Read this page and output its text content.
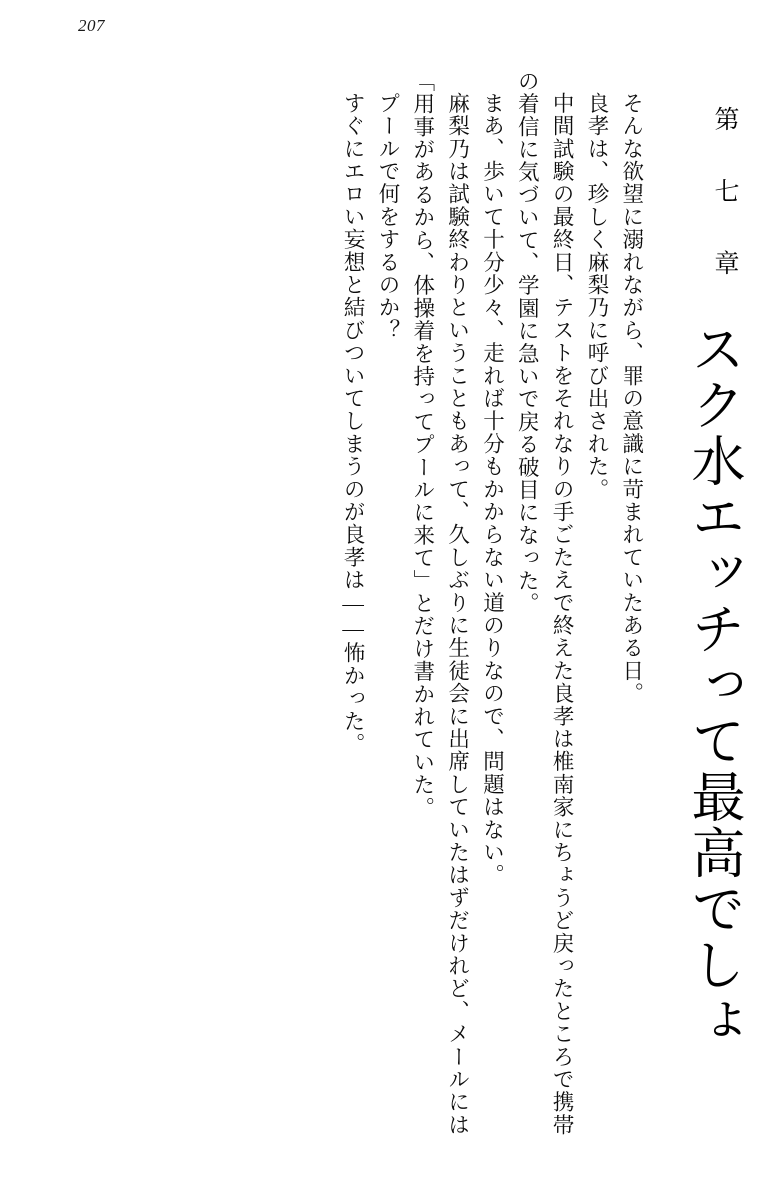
207
第 七 章
スク水エッチって最高でしょ

そんな欲望に溺れながら、罪の意識に苛まれていたある日。

良孝は、珍しく麻梨乃に呼び出された。

中間試験の最終日、テストをそれなりの手ごたえで終えた良孝は椎南家にちょうど戻ったところで携帯の着信に気づいて、学園に急いで戻る破目になった。

まあ、歩いて十分少々、走れば十分もかからない道のりなので、問題はない。

麻梨乃は試験終わりということもあって、久しぶりに生徒会に出席していたはずだけれど、メールには「用事があるから、体操着を持ってプールに来て」とだけ書かれていた。

プールで何をするのか？

すぐにエロい妄想と結びついてしまうのが良孝は——怖かった。
